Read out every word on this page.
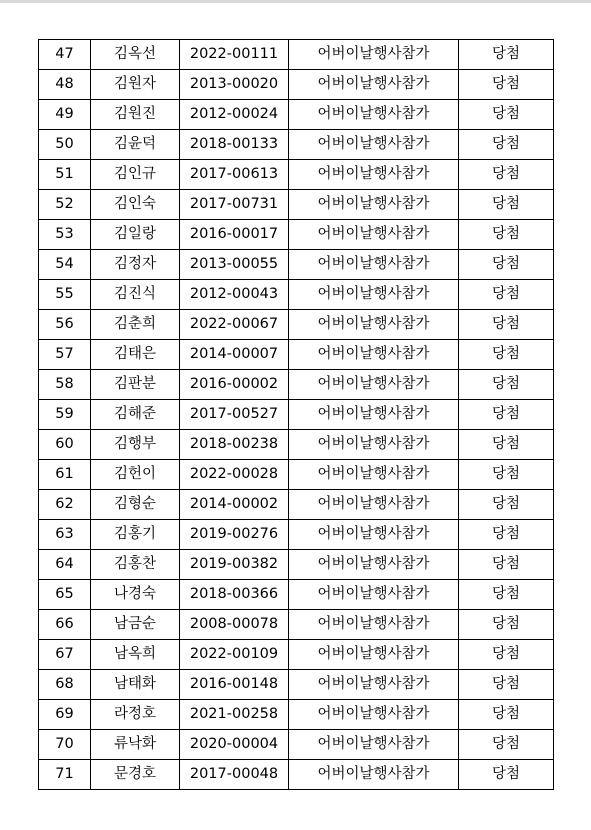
47	김옥선	2022-00111	어버이날행사참가	당첨
48	김원자	2013-00020	어버이날행사참가	당첨
49	김원진	2012-00024	어버이날행사참가	당첨
50	김윤덕	2018-00133	어버이날행사참가	당첨
51	김인규	2017-00613	어버이날행사참가	당첨
52	김인숙	2017-00731	어버이날행사참가	당첨
53	김일랑	2016-00017	어버이날행사참가	당첨
54	김정자	2013-00055	어버이날행사참가	당첨
55	김진식	2012-00043	어버이날행사참가	당첨
56	김춘희	2022-00067	어버이날행사참가	당첨
57	김태은	2014-00007	어버이날행사참가	당첨
58	김판분	2016-00002	어버이날행사참가	당첨
59	김해준	2017-00527	어버이날행사참가	당첨
60	김행부	2018-00238	어버이날행사참가	당첨
61	김헌이	2022-00028	어버이날행사참가	당첨
62	김형순	2014-00002	어버이날행사참가	당첨
63	김홍기	2019-00276	어버이날행사참가	당첨
64	김홍찬	2019-00382	어버이날행사참가	당첨
65	나경숙	2018-00366	어버이날행사참가	당첨
66	남금순	2008-00078	어버이날행사참가	당첨
67	남옥희	2022-00109	어버이날행사참가	당첨
68	남태화	2016-00148	어버이날행사참가	당첨
69	라정호	2021-00258	어버이날행사참가	당첨
70	류낙화	2020-00004	어버이날행사참가	당첨
71	문경호	2017-00048	어버이날행사참가	당첨
